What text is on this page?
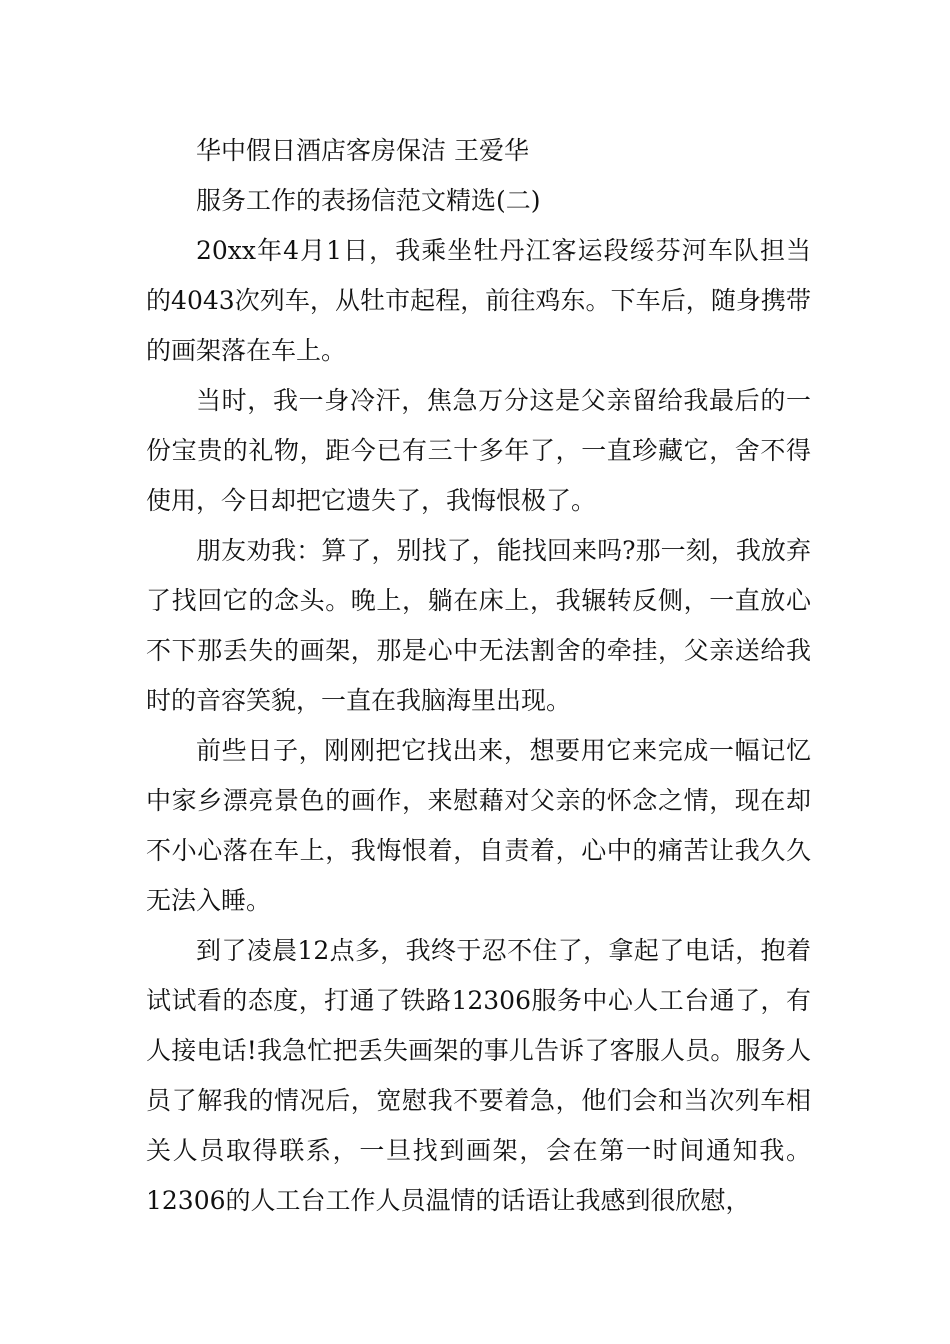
华中假日酒店客房保洁 王爱华

服务工作的表扬信范文精选(二)

20xx年4月1日，我乘坐牡丹江客运段绥芬河车队担当的4043次列车，从牡市起程，前往鸡东。下车后，随身携带的画架落在车上。

当时，我一身冷汗，焦急万分这是父亲留给我最后的一份宝贵的礼物，距今已有三十多年了，一直珍藏它，舍不得使用，今日却把它遗失了，我悔恨极了。

朋友劝我：算了，别找了，能找回来吗?那一刻，我放弃了找回它的念头。晚上，躺在床上，我辗转反侧，一直放心不下那丢失的画架，那是心中无法割舍的牵挂，父亲送给我时的音容笑貌，一直在我脑海里出现。

前些日子，刚刚把它找出来，想要用它来完成一幅记忆中家乡漂亮景色的画作，来慰藉对父亲的怀念之情，现在却不小心落在车上，我悔恨着，自责着，心中的痛苦让我久久无法入睡。

到了凌晨12点多，我终于忍不住了，拿起了电话，抱着试试看的态度，打通了铁路12306服务中心人工台通了，有人接电话!我急忙把丢失画架的事儿告诉了客服人员。服务人员了解我的情况后，宽慰我不要着急，他们会和当次列车相关人员取得联系，一旦找到画架，会在第一时间通知我。12306的人工台工作人员温情的话语让我感到很欣慰，
